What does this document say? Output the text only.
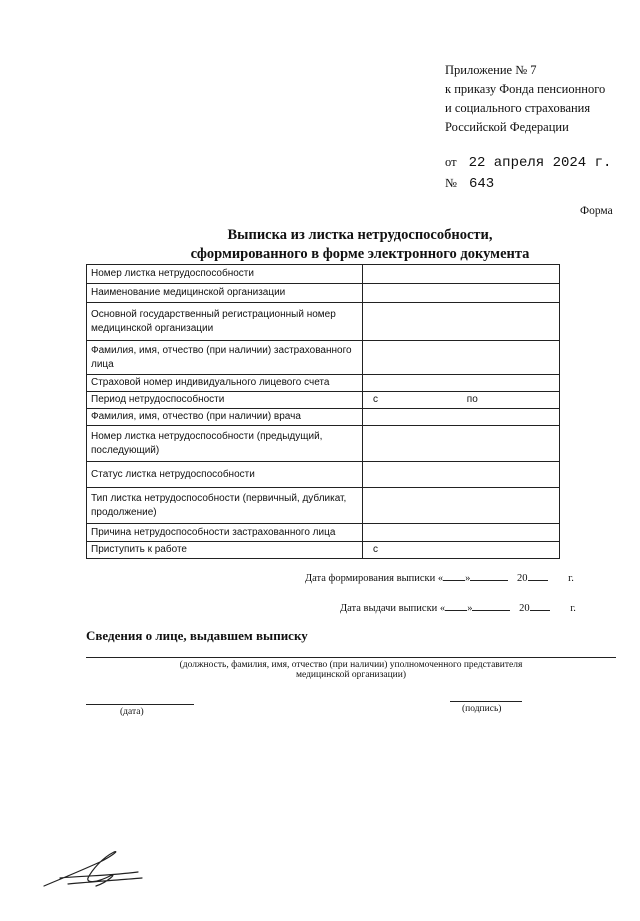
Приложение № 7
к приказу Фонда пенсионного
и социального страхования
Российской Федерации
от 22 апреля 2024 г.
№ 643
Форма
Выписка из листка нетрудоспособности,
сформированного в форме электронного документа
Номер листка нетрудоспособности	
Наименование медицинской организации	
Основной государственный регистрационный номер медицинской организации	
Фамилия, имя, отчество (при наличии) застрахованного лица	
Страховой номер индивидуального лицевого счета	
Период нетрудоспособности	с по
Фамилия, имя, отчество (при наличии) врача	
Номер листка нетрудоспособности (предыдущий, последующий)	
Статус листка нетрудоспособности	
Тип листка нетрудоспособности (первичный, дубликат, продолжение)	
Причина нетрудоспособности застрахованного лица	
Приступить к работе	с
Дата формирования выписки « »	20	г.
Дата выдачи выписки « »	20	г.
Сведения о лице, выдавшем выписку
(должность, фамилия, имя, отчество (при наличии) уполномоченного представителя
медицинской организации)
(дата)	(подпись)
